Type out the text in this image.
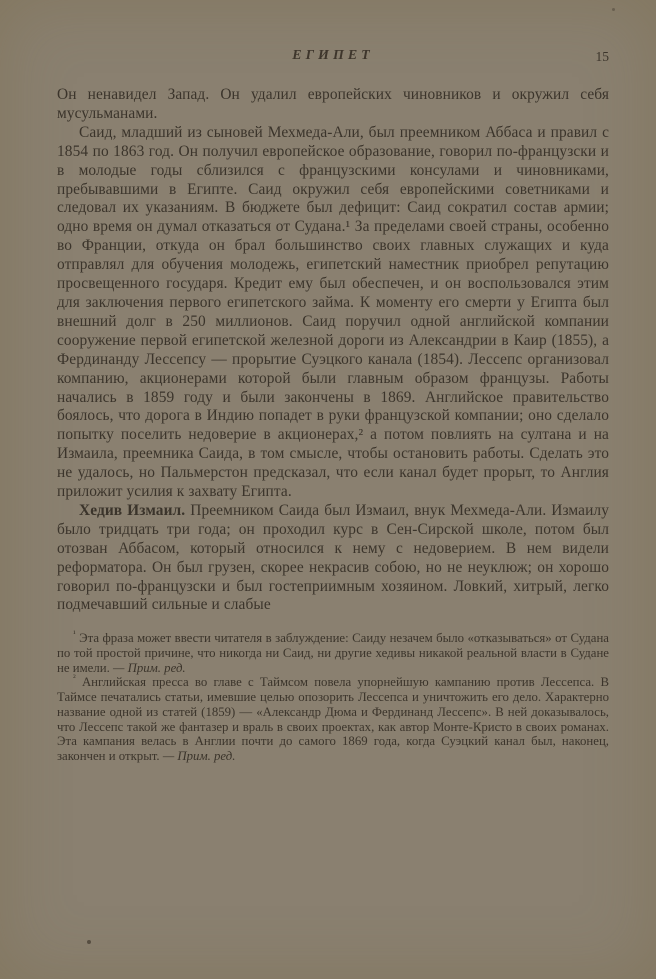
ЕГИПЕТ	15

Он ненавидел Запад. Он удалил европейских чиновников и окружил себя мусульманами.

Саид, младший из сыновей Мехмеда-Али, был преемником Аббаса и правил с 1854 по 1863 год. Он получил европейское образование, говорил по-французски и в молодые годы сблизился с французскими консулами и чиновниками, пребывавшими в Египте. Саид окружил себя европейскими советниками и следовал их указаниям. В бюджете был дефицит: Саид сократил состав армии; одно время он думал отказаться от Судана.¹ За пределами своей страны, особенно во Франции, откуда он брал большинство своих главных служащих и куда отправлял для обучения молодежь, египетский наместник приобрел репутацию просвещенного государя. Кредит ему был обеспечен, и он воспользовался этим для заключения первого египетского займа. К моменту его смерти у Египта был внешний долг в 250 миллионов. Саид поручил одной английской компании сооружение первой египетской железной дороги из Александрии в Каир (1855), а Фердинанду Лессепсу — прорытие Суэцкого канала (1854). Лессепс организовал компанию, акционерами которой были главным образом французы. Работы начались в 1859 году и были закончены в 1869. Английское правительство боялось, что дорога в Индию попадет в руки французской компании; оно сделало попытку поселить недоверие в акционерах,² а потом повлиять на султана и на Измаила, преемника Саида, в том смысле, чтобы остановить работы. Сделать это не удалось, но Пальмерстон предсказал, что если канал будет прорыт, то Англия приложит усилия к захвату Египта.

Хедив Измаил. Преемником Саида был Измаил, внук Мехмеда-Али. Измаилу было тридцать три года; он проходил курс в Сен-Сирской школе, потом был отозван Аббасом, который относился к нему с недоверием. В нем видели реформатора. Он был грузен, скорее некрасив собою, но не неуклюж; он хорошо говорил по-французски и был гостеприимным хозяином. Ловкий, хитрый, легко подмечавший сильные и слабые

$^{^1}$ Эта фраза может ввести читателя в заблуждение: Саиду незачем было «отказываться» от Судана по той простой причине, что никогда ни Саид, ни другие хедивы никакой реальной власти в Судане не имели. — Прим. ред.

$^{^2}$ Английская пресса во главе с Таймсом повела упорнейшую кампанию против Лессепса. В Таймсе печатались статьи, имевшие целью опозорить Лессепса и уничтожить его дело. Характерно название одной из статей (1859) — «Александр Дюма и Фердинанд Лессепс». В ней доказывалось, что Лессепс такой же фантазер и враль в своих проектах, как автор Монте-Кристо в своих романах. Эта кампания велась в Англии почти до самого 1869 года, когда Суэцкий канал был, наконец, закончен и открыт. — Прим. ред.
